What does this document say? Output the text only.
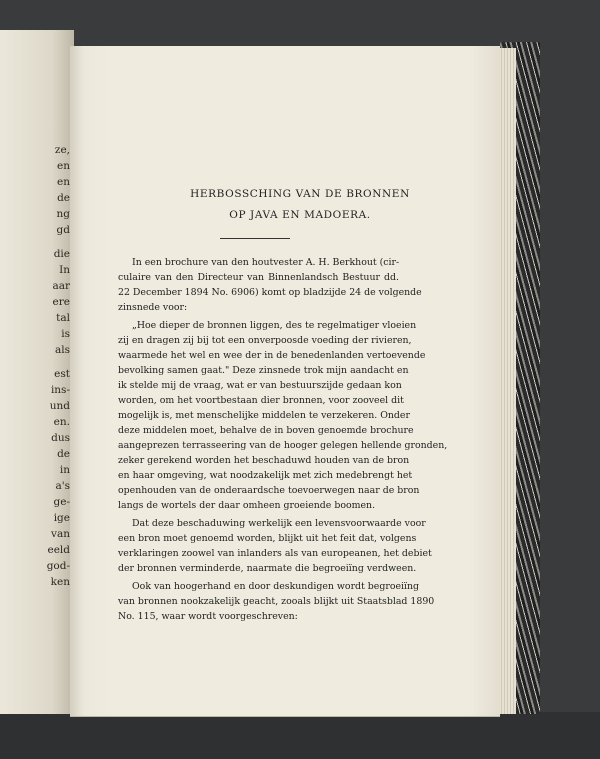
ze,
en
en
de
ng
gd
die
In
aar
ere
tal
is
als
est
ins-
und
en.
dus
de
in
a's
ge-
ige
van
eeld
god-
ken
HERBOSSCHING VAN DE BRONNEN
OP JAVA EN MADOERA.
In een brochure van den houtvester A. H. Berkhout (cir-
culaire van den Directeur van Binnenlandsch Bestuur dd.
22 December 1894 No. 6906) komt op bladzijde 24 de volgende
zinsnede voor:
„Hoe dieper de bronnen liggen, des te regelmatiger vloeien
zij en dragen zij bij tot een onverpoosde voeding der rivieren,
waarmede het wel en wee der in de benedenlanden vertoevende
bevolking samen gaat." Deze zinsnede trok mijn aandacht en
ik stelde mij de vraag, wat er van bestuurszijde gedaan kon
worden, om het voortbestaan dier bronnen, voor zooveel dit
mogelijk is, met menschelijke middelen te verzekeren. Onder
deze middelen moet, behalve de in boven genoemde brochure
aangeprezen terrasseering van de hooger gelegen hellende gronden,
zeker gerekend worden het beschaduwd houden van de bron
en haar omgeving, wat noodzakelijk met zich medebrengt het
openhouden van de onderaardsche toevoerwegen naar de bron
langs de wortels der daar omheen groeiende boomen.
Dat deze beschaduwing werkelijk een levensvoorwaarde voor
een bron moet genoemd worden, blijkt uit het feit dat, volgens
verklaringen zoowel van inlanders als van europeanen, het debiet
der bronnen verminderde, naarmate die begroeiïng verdween.
Ook van hoogerhand en door deskundigen wordt begroeiïng
van bronnen nookzakelijk geacht, zooals blijkt uit Staatsblad 1890
No. 115, waar wordt voorgeschreven:
